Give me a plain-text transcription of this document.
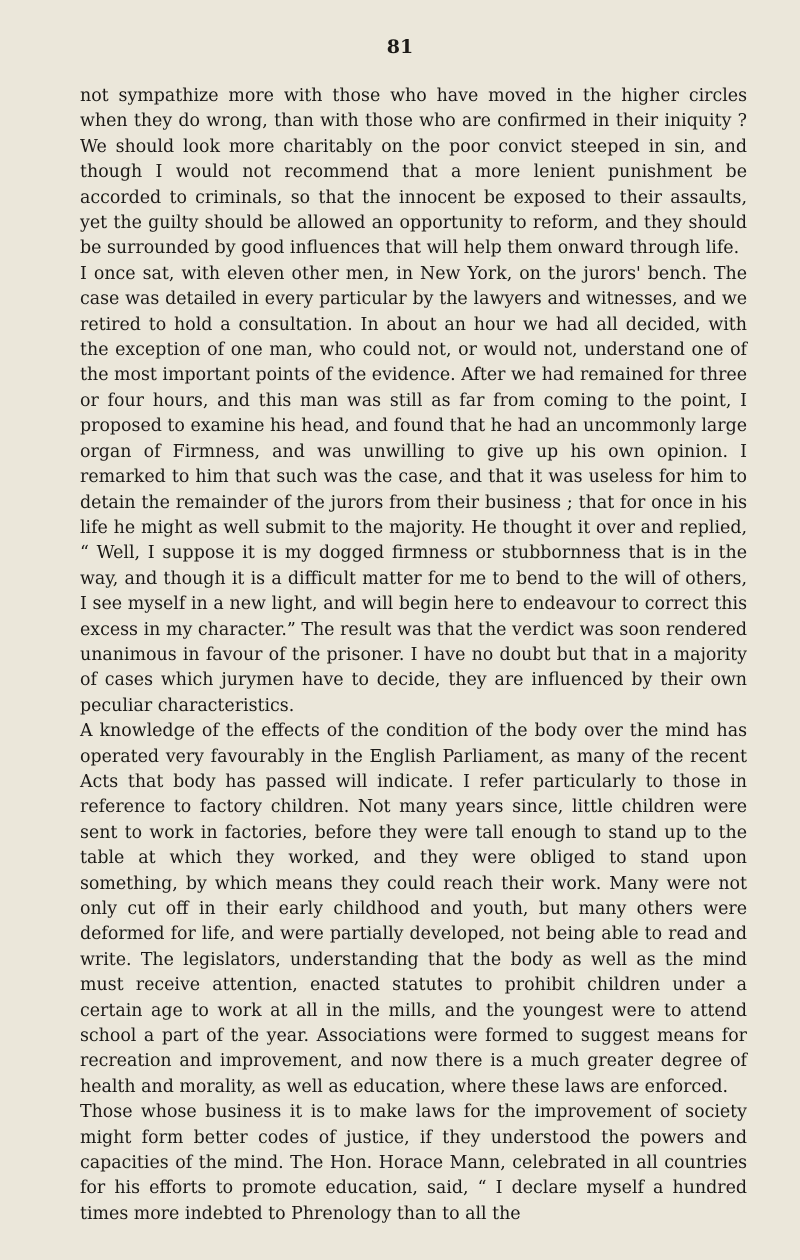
81

not sympathize more with those who have moved in the higher circles when they do wrong, than with those who are confirmed in their iniquity ? We should look more charitably on the poor convict steeped in sin, and though I would not recommend that a more lenient punishment be accorded to criminals, so that the innocent be exposed to their assaults, yet the guilty should be allowed an opportunity to reform, and they should be surrounded by good influences that will help them onward through life.

I once sat, with eleven other men, in New York, on the jurors' bench. The case was detailed in every particular by the lawyers and witnesses, and we retired to hold a consultation. In about an hour we had all decided, with the exception of one man, who could not, or would not, understand one of the most important points of the evidence. After we had remained for three or four hours, and this man was still as far from coming to the point, I proposed to examine his head, and found that he had an uncommonly large organ of Firmness, and was unwilling to give up his own opinion. I remarked to him that such was the case, and that it was useless for him to detain the remainder of the jurors from their business ; that for once in his life he might as well submit to the majority. He thought it over and replied, “ Well, I suppose it is my dogged firmness or stubbornness that is in the way, and though it is a difficult matter for me to bend to the will of others, I see myself in a new light, and will begin here to endeavour to correct this excess in my character.” The result was that the verdict was soon rendered unanimous in favour of the prisoner. I have no doubt but that in a majority of cases which jurymen have to decide, they are influenced by their own peculiar characteristics.

A knowledge of the effects of the condition of the body over the mind has operated very favourably in the English Parliament, as many of the recent Acts that body has passed will indicate. I refer particularly to those in reference to factory children. Not many years since, little children were sent to work in factories, before they were tall enough to stand up to the table at which they worked, and they were obliged to stand upon something, by which means they could reach their work. Many were not only cut off in their early childhood and youth, but many others were deformed for life, and were partially developed, not being able to read and write. The legislators, understanding that the body as well as the mind must receive attention, enacted statutes to prohibit children under a certain age to work at all in the mills, and the youngest were to attend school a part of the year. Associations were formed to suggest means for recreation and improvement, and now there is a much greater degree of health and morality, as well as education, where these laws are enforced.

Those whose business it is to make laws for the improvement of society might form better codes of justice, if they understood the powers and capacities of the mind. The Hon. Horace Mann, celebrated in all countries for his efforts to promote education, said, “ I declare myself a hundred times more indebted to Phrenology than to all the
